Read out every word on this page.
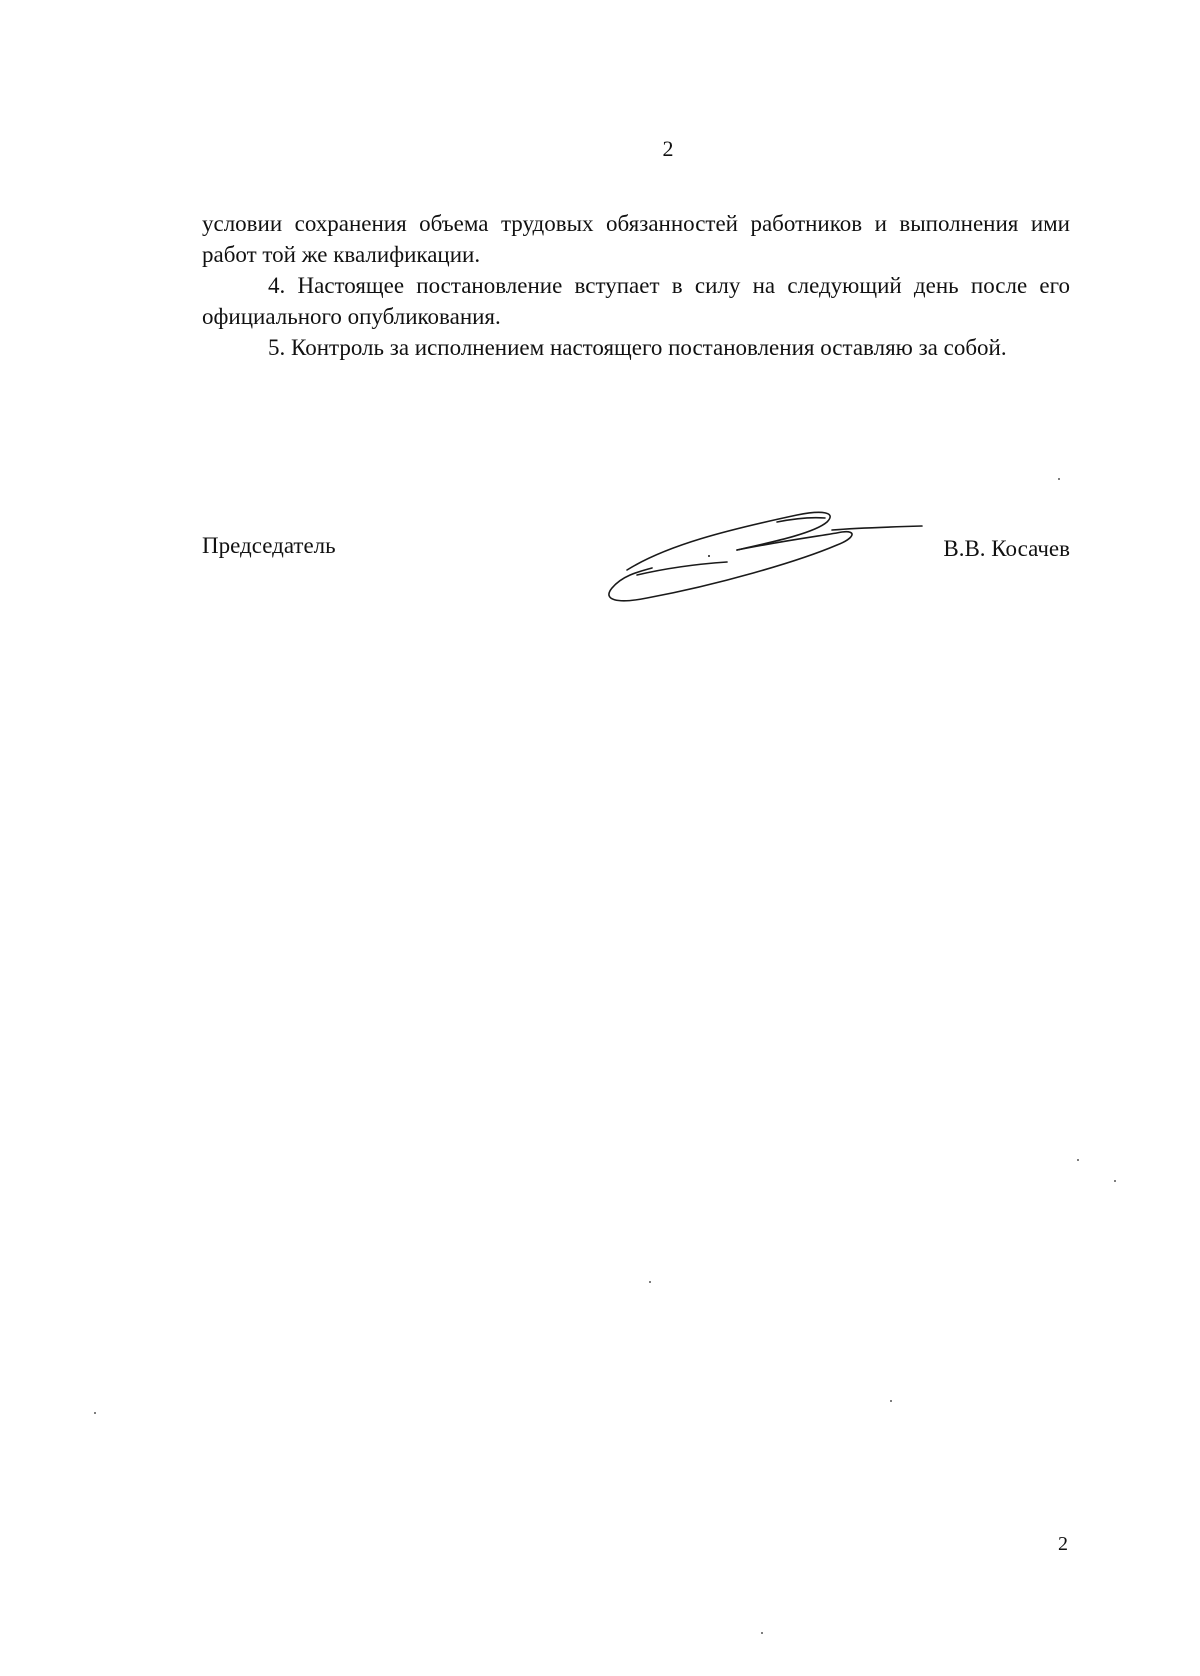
2

условии сохранения объема трудовых обязанностей работников и выполнения ими работ той же квалификации.

4. Настоящее постановление вступает в силу на следующий день после его официального опубликования.

5. Контроль за исполнением настоящего постановления оставляю за собой.

Председатель	В.В. Косачев
2
